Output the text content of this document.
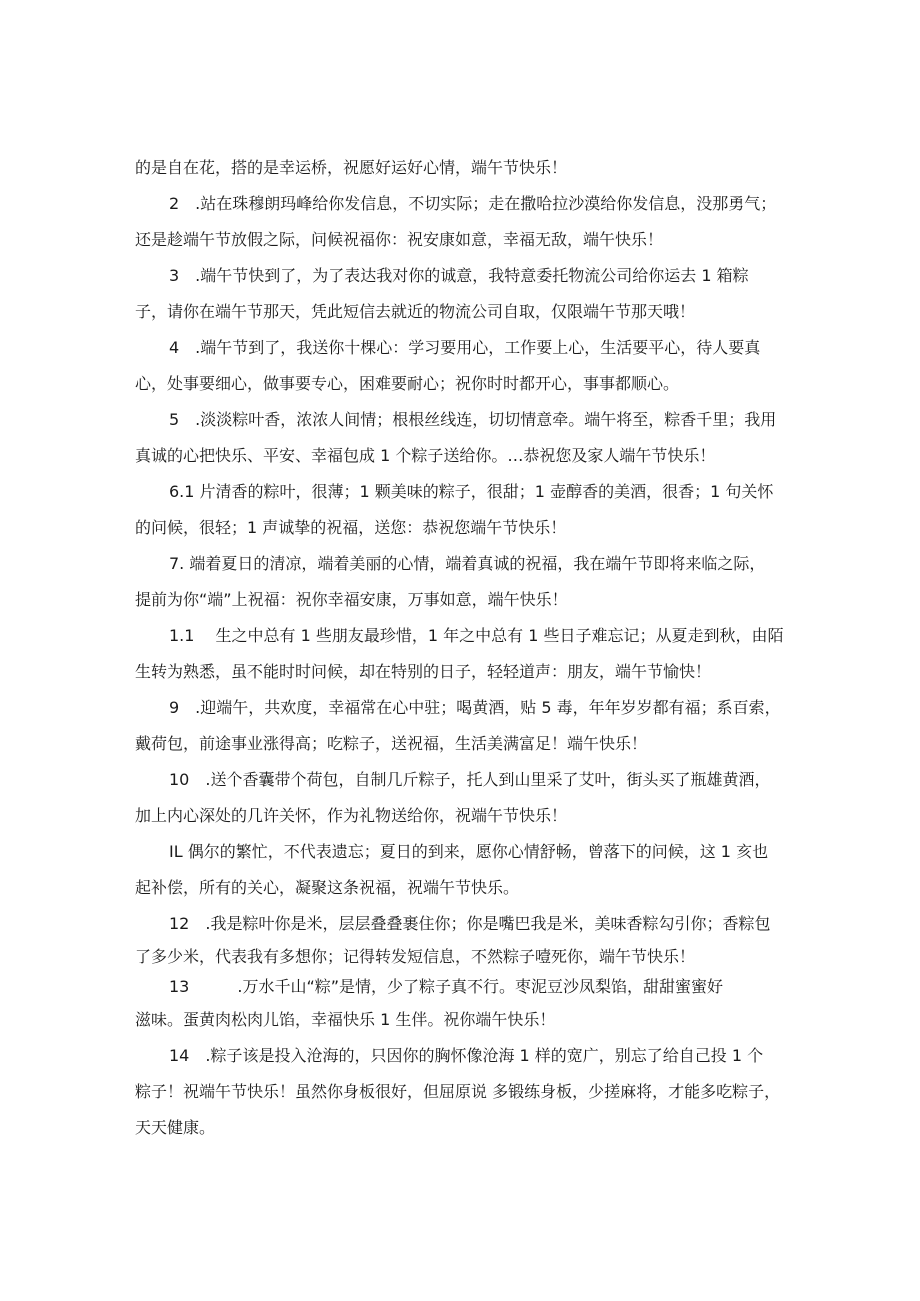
的是自在花，搭的是幸运桥，祝愿好运好心情，端午节快乐！
2　.站在珠穆朗玛峰给你发信息，不切实际；走在撒哈拉沙漠给你发信息，没那勇气；
还是趁端午节放假之际，问候祝福你：祝安康如意，幸福无敌，端午快乐！
3　.端午节快到了，为了表达我对你的诚意，我特意委托物流公司给你运去 1 箱粽
子，请你在端午节那天，凭此短信去就近的物流公司自取，仅限端午节那天哦！
4　.端午节到了，我送你十棵心：学习要用心，工作要上心，生活要平心，待人要真
心，处事要细心，做事要专心，困难要耐心；祝你时时都开心，事事都顺心。
5　.淡淡粽叶香，浓浓人间情；根根丝线连，切切情意牵。端午将至，粽香千里；我用
真诚的心把快乐、平安、幸福包成 1 个粽子送给你。…恭祝您及家人端午节快乐！
6.1 片清香的粽叶，很薄；1 颗美味的粽子，很甜；1 壶醇香的美酒，很香；1 句关怀
的问候，很轻；1 声诚挚的祝福，送您：恭祝您端午节快乐！
7. 端着夏日的清凉，端着美丽的心情，端着真诚的祝福，我在端午节即将来临之际，
提前为你“端”上祝福：祝你幸福安康，万事如意，端午快乐！
1.1　 生之中总有 1 些朋友最珍惜，1 年之中总有 1 些日子难忘记；从夏走到秋，由陌
生转为熟悉，虽不能时时问候，却在特别的日子，轻轻道声：朋友，端午节愉快！
9　.迎端午，共欢度，幸福常在心中驻；喝黄酒，贴 5 毒，年年岁岁都有福；系百索，
戴荷包，前途事业涨得高；吃粽子，送祝福，生活美满富足！端午快乐！
10　.送个香囊带个荷包，自制几斤粽子，托人到山里采了艾叶，街头买了瓶雄黄酒，
加上内心深处的几许关怀，作为礼物送给你，祝端午节快乐！
IL 偶尔的繁忙，不代表遗忘；夏日的到来，愿你心情舒畅，曾落下的问候，这 1 亥也
起补偿，所有的关心，凝聚这条祝福，祝端午节快乐。
12　.我是粽叶你是米，层层叠叠裹住你；你是嘴巴我是米，美味香粽勾引你；香粽包
了多少米，代表我有多想你；记得转发短信息，不然粽子噎死你，端午节快乐！
13　　　.万水千山“粽”是情，少了粽子真不行。枣泥豆沙凤梨馅，甜甜蜜蜜好
滋味。蛋黄肉松肉儿馅，幸福快乐 1 生伴。祝你端午快乐！
14　.粽子该是投入沧海的，只因你的胸怀像沧海 1 样的宽广，别忘了给自己投 1 个
粽子！祝端午节快乐！虽然你身板很好，但屈原说 多锻练身板，少搓麻将，才能多吃粽子，
天天健康。
